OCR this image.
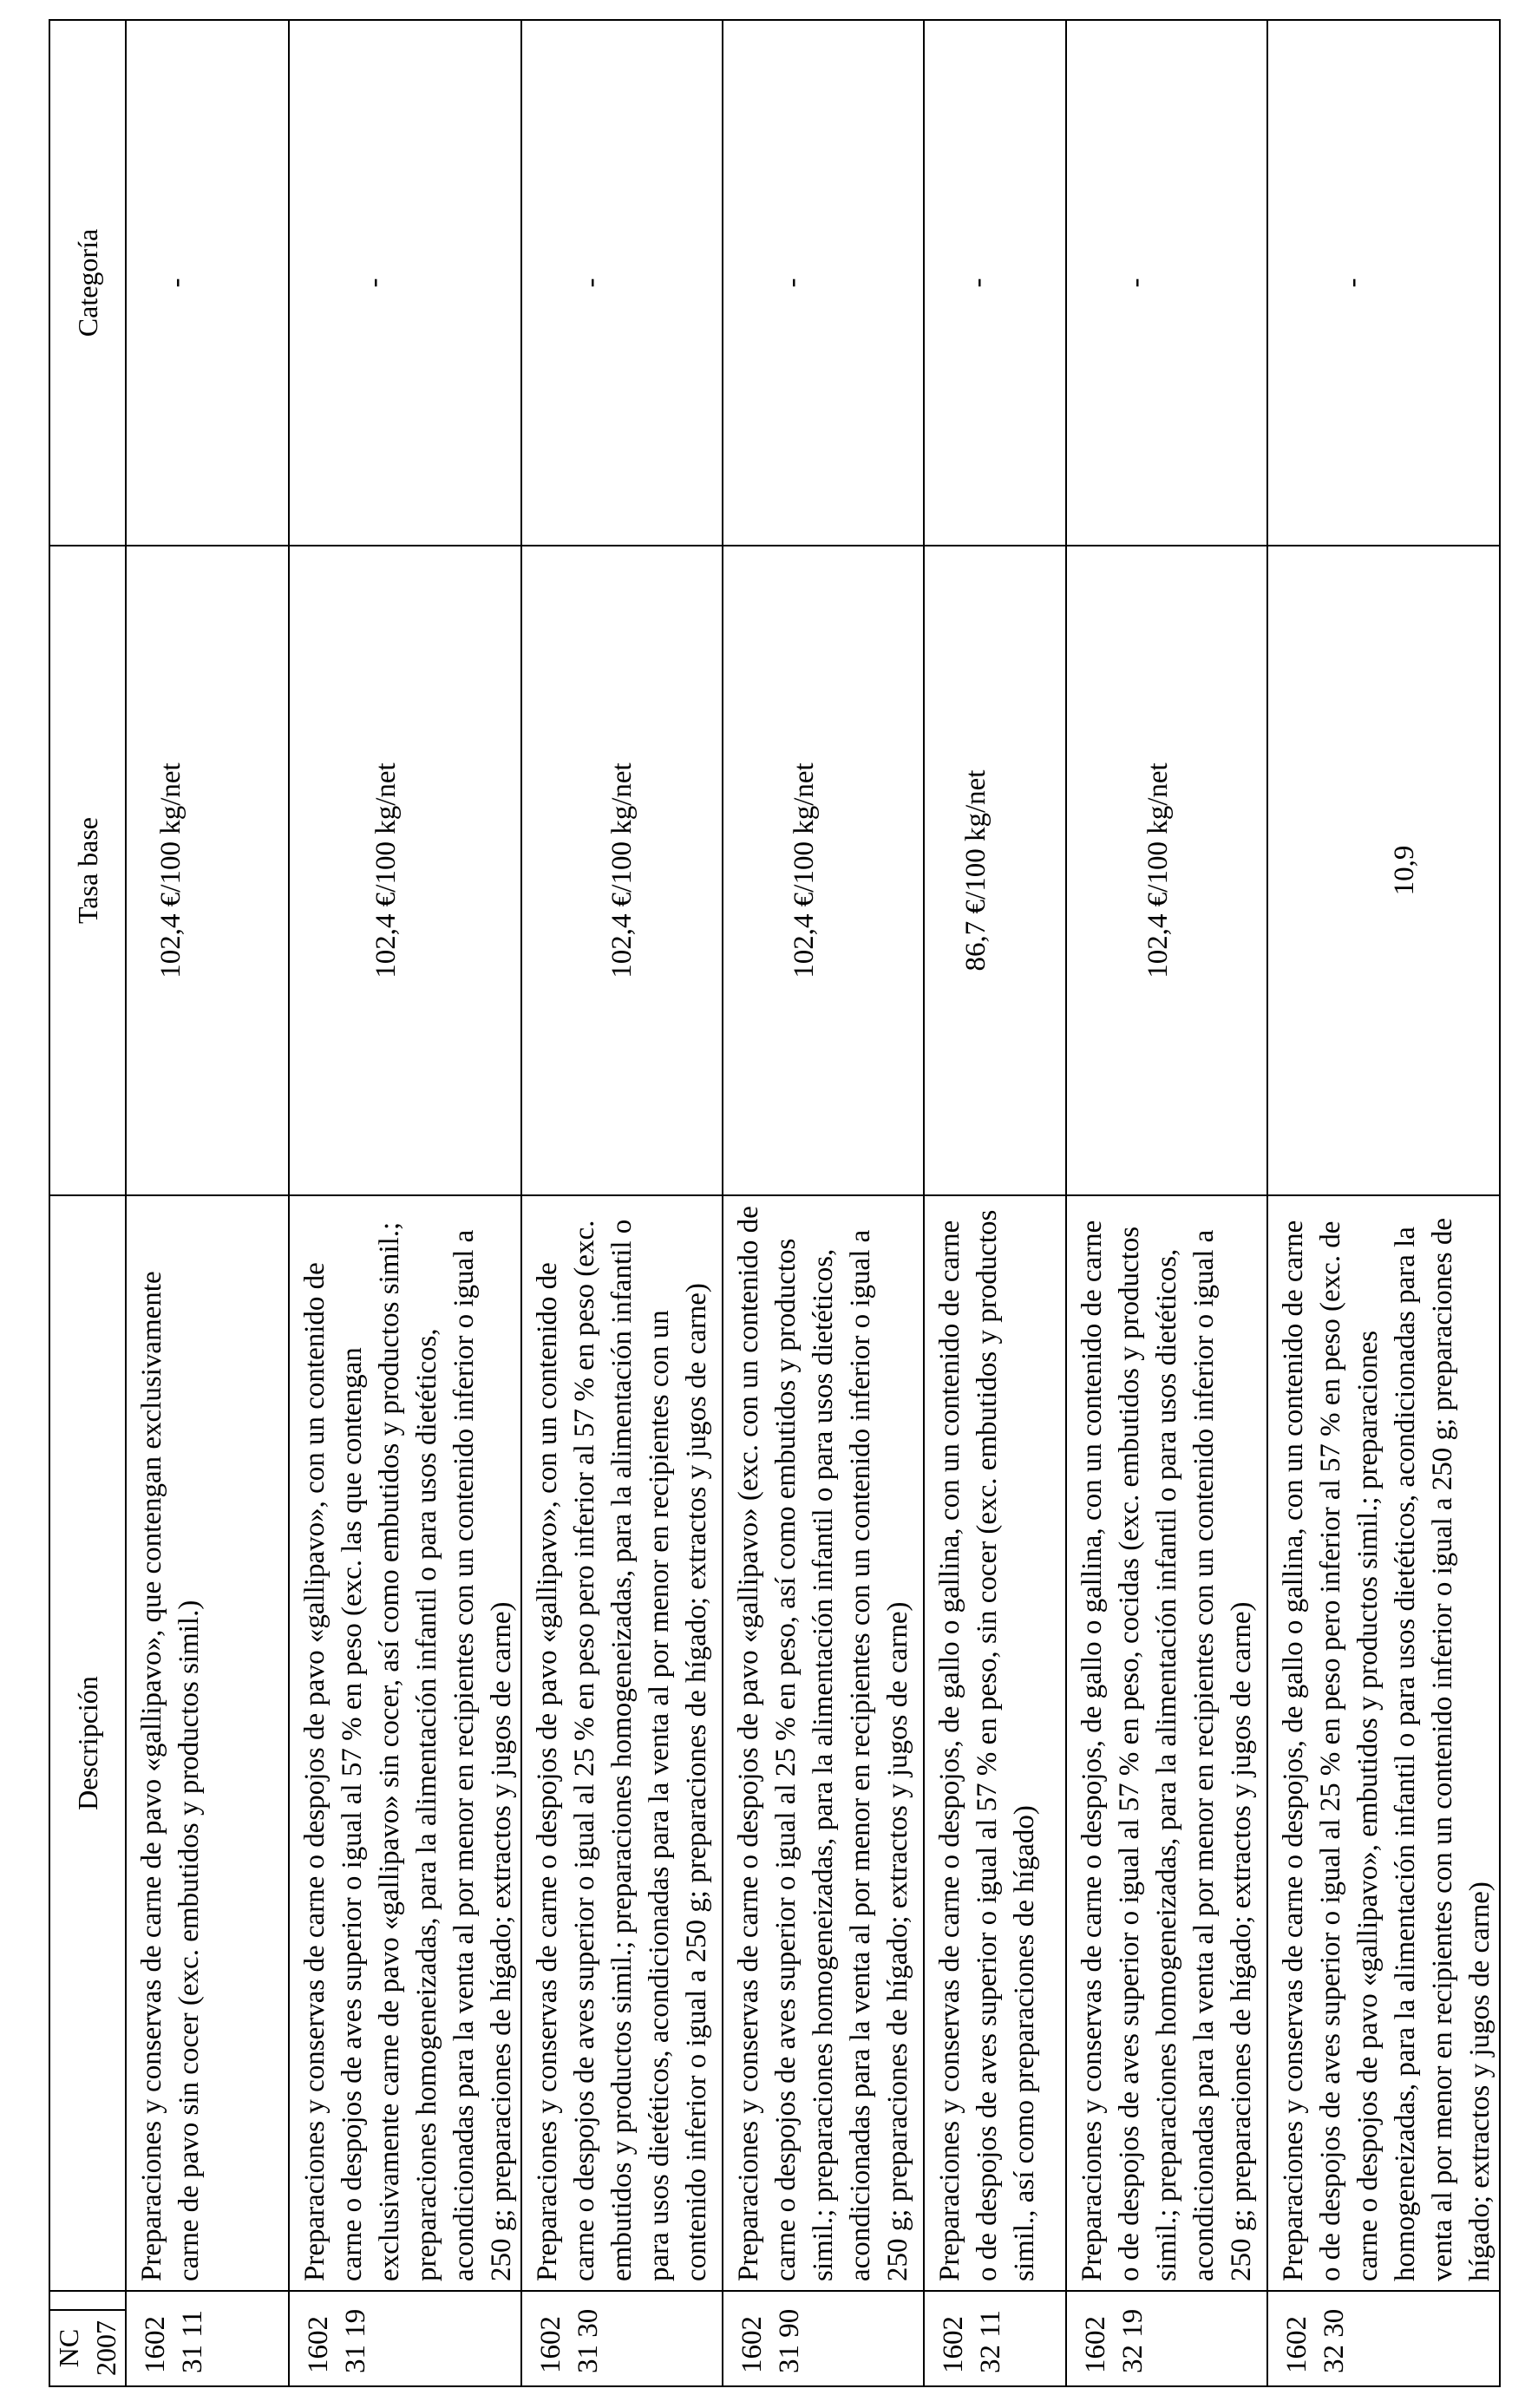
NC 2007		Descripción	Tasa base	Categoría
1602 31 11		Preparaciones y conservas de carne de pavo «gallipavo», que contengan exclusivamente carne de pavo sin cocer (exc. embutidos y productos simil.)	102,4 €/100 kg/net	-
1602 31 19		Preparaciones y conservas de carne o despojos de pavo «gallipavo», con un contenido de carne o despojos de aves superior o igual al 57 % en peso (exc. las que contengan exclusivamente carne de pavo «gallipavo» sin cocer, así como embutidos y productos simil.; preparaciones homogeneizadas, para la alimentación infantil o para usos dietéticos, acondicionadas para la venta al por menor en recipientes con un contenido inferior o igual a 250 g; preparaciones de hígado; extractos y jugos de carne)	102,4 €/100 kg/net	-
1602 31 30		Preparaciones y conservas de carne o despojos de pavo «gallipavo», con un contenido de carne o despojos de aves superior o igual al 25 % en peso pero inferior al 57 % en peso (exc. embutidos y productos simil.; preparaciones homogeneizadas, para la alimentación infantil o para usos dietéticos, acondicionadas para la venta al por menor en recipientes con un contenido inferior o igual a 250 g; preparaciones de hígado; extractos y jugos de carne)	102,4 €/100 kg/net	-
1602 31 90		Preparaciones y conservas de carne o despojos de pavo «gallipavo» (exc. con un contenido de carne o despojos de aves superior o igual al 25 % en peso, así como embutidos y productos simil.; preparaciones homogeneizadas, para la alimentación infantil o para usos dietéticos, acondicionadas para la venta al por menor en recipientes con un contenido inferior o igual a 250 g; preparaciones de hígado; extractos y jugos de carne)	102,4 €/100 kg/net	-
1602 32 11		Preparaciones y conservas de carne o despojos, de gallo o gallina, con un contenido de carne o de despojos de aves superior o igual al 57 % en peso, sin cocer (exc. embutidos y productos simil., así como preparaciones de hígado)	86,7 €/100 kg/net	-
1602 32 19		Preparaciones y conservas de carne o despojos, de gallo o gallina, con un contenido de carne o de despojos de aves superior o igual al 57 % en peso, cocidas (exc. embutidos y productos simil.; preparaciones homogeneizadas, para la alimentación infantil o para usos dietéticos, acondicionadas para la venta al por menor en recipientes con un contenido inferior o igual a 250 g; preparaciones de hígado; extractos y jugos de carne)	102,4 €/100 kg/net	-
1602 32 30		Preparaciones y conservas de carne o despojos, de gallo o gallina, con un contenido de carne o de despojos de aves superior o igual al 25 % en peso pero inferior al 57 % en peso (exc. de carne o despojos de pavo «gallipavo», embutidos y productos simil.; preparaciones homogeneizadas, para la alimentación infantil o para usos dietéticos, acondicionadas para la venta al por menor en recipientes con un contenido inferior o igual a 250 g; preparaciones de hígado; extractos y jugos de carne)	10,9	-
